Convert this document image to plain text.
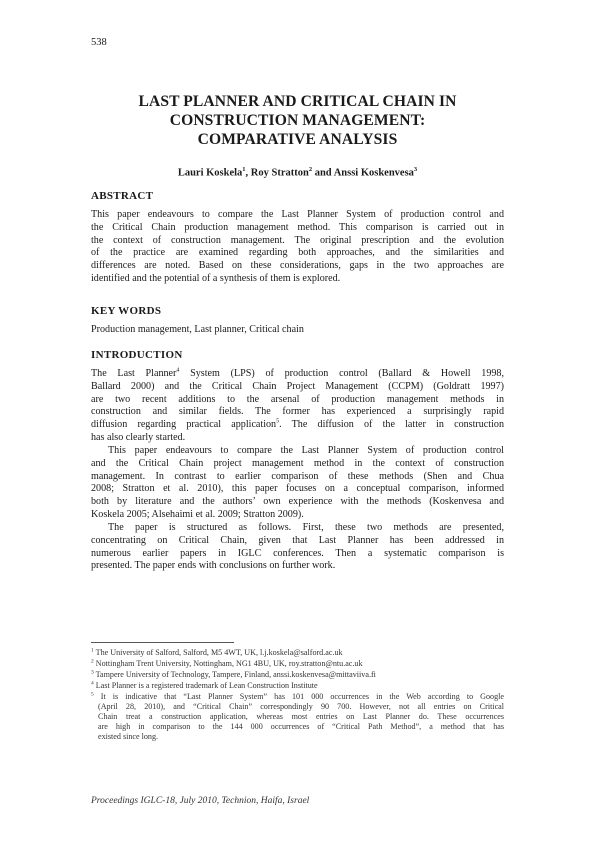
538
LAST PLANNER AND CRITICAL CHAIN IN
CONSTRUCTION MANAGEMENT:
COMPARATIVE ANALYSIS
Lauri Koskela$^1$, Roy Stratton$^2$ and Anssi Koskenvesa$^3$
ABSTRACT
This paper endeavours to compare the Last Planner System of production control and
the Critical Chain production management method. This comparison is carried out in
the context of construction management. The original prescription and the evolution
of the practice are examined regarding both approaches, and the similarities and
differences are noted. Based on these considerations, gaps in the two approaches are
identified and the potential of a synthesis of them is explored.
KEY WORDS
Production management, Last planner, Critical chain
INTRODUCTION
The Last Planner$^4$ System (LPS) of production control (Ballard & Howell 1998,
Ballard 2000) and the Critical Chain Project Management (CCPM) (Goldratt 1997)
are two recent additions to the arsenal of production management methods in
construction and similar fields. The former has experienced a surprisingly rapid
diffusion regarding practical application$^5$. The diffusion of the latter in construction
has also clearly started.
This paper endeavours to compare the Last Planner System of production control
and the Critical Chain project management method in the context of construction
management. In contrast to earlier comparison of these methods (Shen and Chua
2008; Stratton et al. 2010), this paper focuses on a conceptual comparison, informed
both by literature and the authors’ own experience with the methods (Koskenvesa and
Koskela 2005; Alsehaimi et al. 2009; Stratton 2009).
The paper is structured as follows. First, these two methods are presented,
concentrating on Critical Chain, given that Last Planner has been addressed in
numerous earlier papers in IGLC conferences. Then a systematic comparison is
presented. The paper ends with conclusions on further work.
$^1$ The University of Salford, Salford, M5 4WT, UK, l.j.koskela@salford.ac.uk
$^2$ Nottingham Trent University, Nottingham, NG1 4BU, UK, roy.stratton@ntu.ac.uk
$^3$ Tampere University of Technology, Tampere, Finland, anssi.koskenvesa@mittaviiva.fi
$^4$ Last Planner is a registered trademark of Lean Construction Institute
$^5$ It is indicative that “Last Planner System” has 101 000 occurrences in the Web according to Google
(April 28, 2010), and “Critical Chain” correspondingly 90 700. However, not all entries on Critical
Chain treat a construction application, whereas most entries on Last Planner do. These occurrences
are high in comparison to the 144 000 occurrences of “Critical Path Method”, a method that has
existed since long.
Proceedings IGLC-18, July 2010, Technion, Haifa, Israel
